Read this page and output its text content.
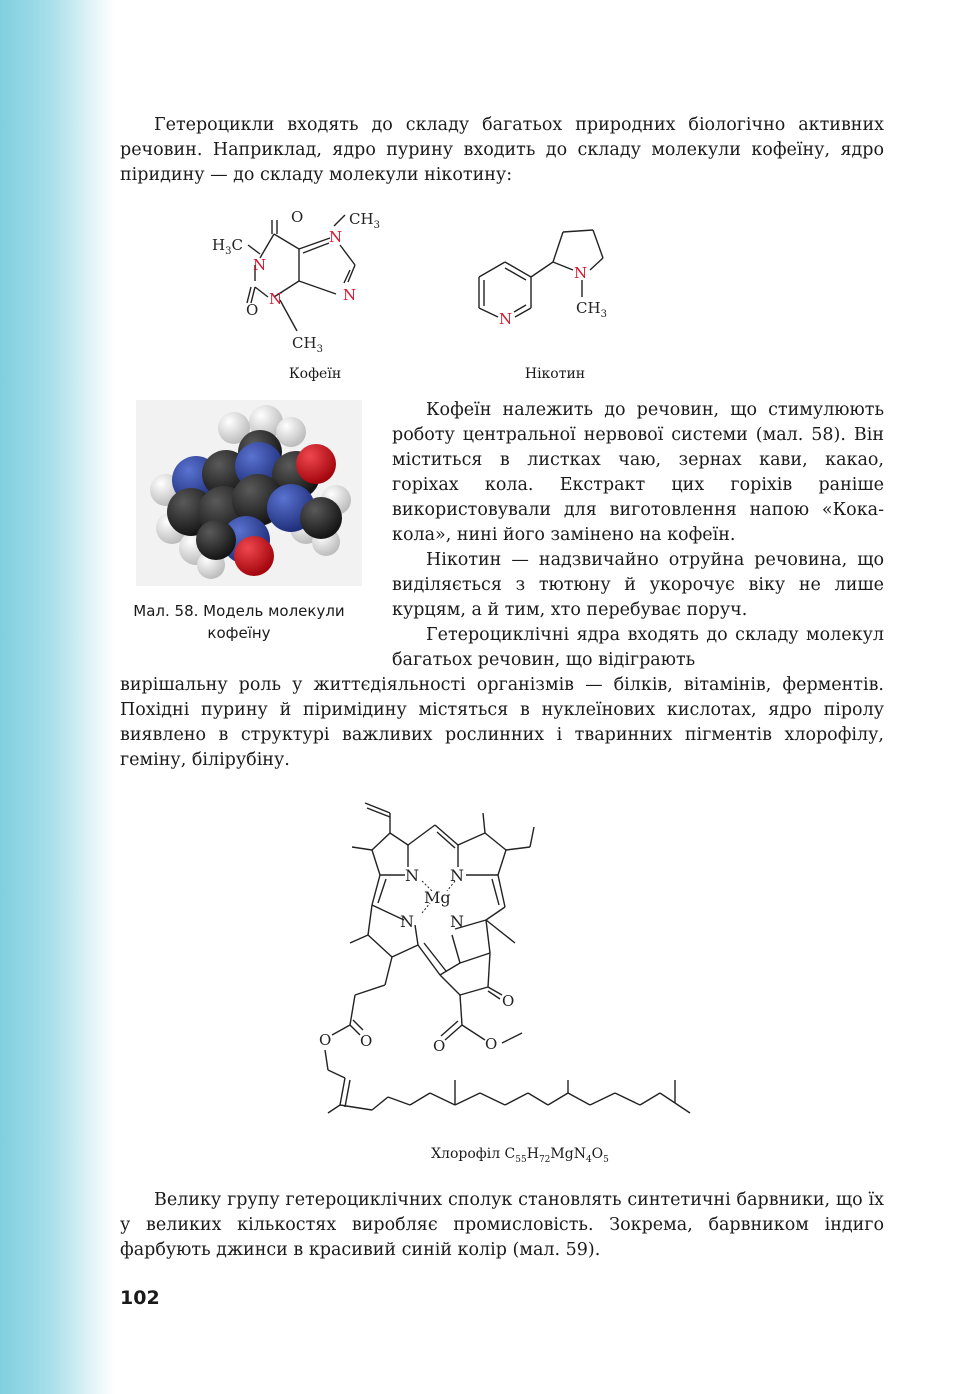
Гетероцикли входять до складу багатьох природних біологічно активних речовин. Наприклад, ядро пурину входить до складу молекули кофеїну, ядро піридину — до складу молекули нікотину:

O	$CH_3$
$H_3C$
N
N
N
N
O
$CH_3$
Кофеїн
N
N
$CH_3$
Нікотин
Мал. 58. Модель молекули
кофеїну

Кофеїн належить до речовин, що стимулюють роботу центральної нервової системи (мал. 58). Він міститься в листках чаю, зернах кави, какао, горіхах кола. Екстракт цих горіхів раніше використовували для виготовлення напою «Кока-кола», нині його замінено на кофеїн.

Нікотин — надзвичайно отруйна речовина, що виділяється з тютюну й укорочує віку не лише курцям, а й тим, хто перебуває поруч.

Гетероциклічні ядра входять до складу молекул багатьох речовин, що відіграють

вирішальну роль у життєдіяльності організмів — білків, вітамінів, ферментів. Похідні пурину й піримідину містяться в нуклеїнових кислотах, ядро піролу виявлено в структурі важливих рослинних і тваринних пігментів хлорофілу, геміну, білірубіну.

N N
Mg
N N
O
O	O
O O
Хлорофіл $C_{55}H_{72}MgN_4O_5$

Велику групу гетероциклічних сполук становлять синтетичні барвники, що їх у великих кількостях виробляє промисловість. Зокрема, барвником індиго фарбують джинси в красивий синій колір (мал. 59).

102
